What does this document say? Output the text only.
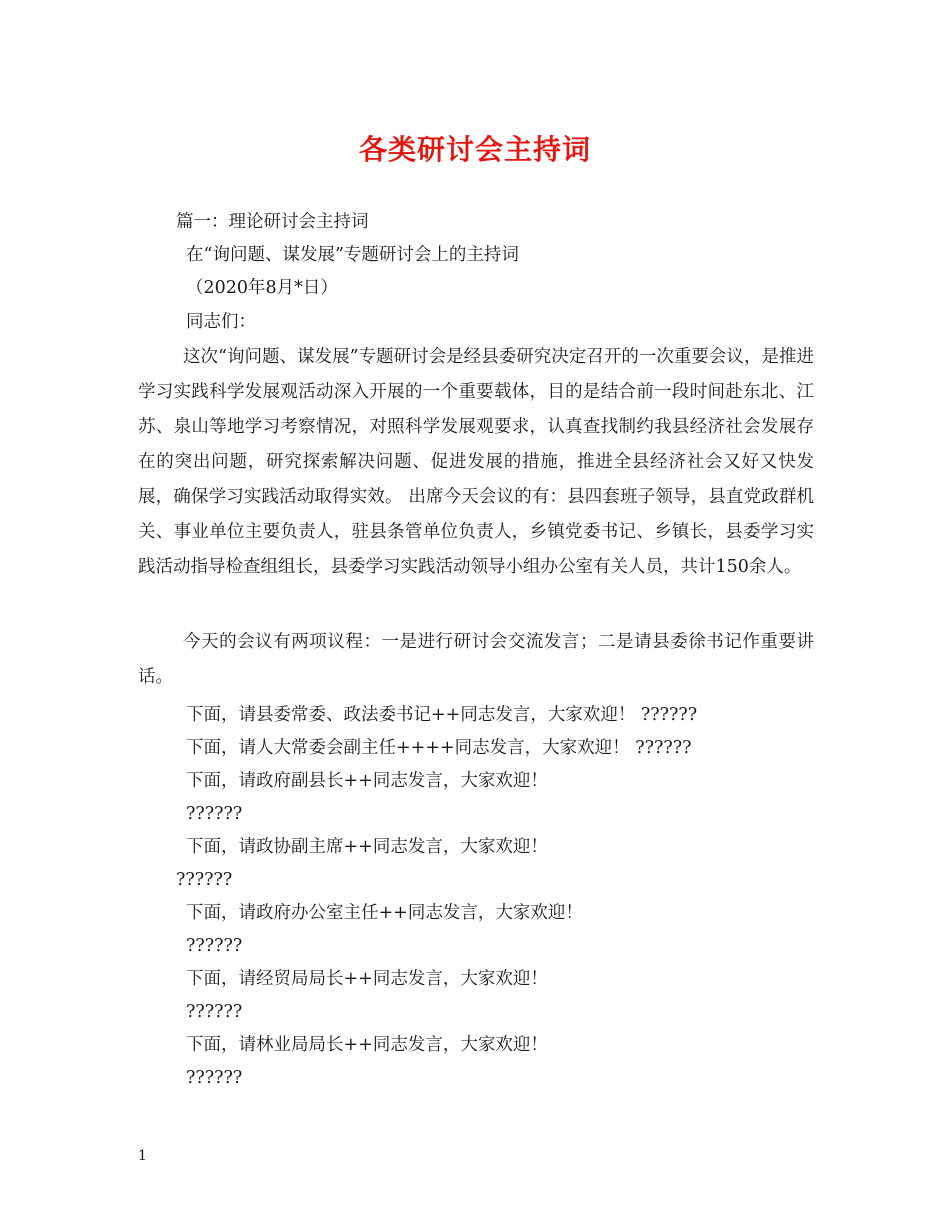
各类研讨会主持词
篇一：理论研讨会主持词
在“询问题、谋发展”专题研讨会上的主持词
（2020年8月*日）
同志们：
这次“询问题、谋发展”专题研讨会是经县委研究决定召开的一次重要会议，是推进学习实践科学发展观活动深入开展的一个重要载体，目的是结合前一段时间赴东北、江苏、泉山等地学习考察情况，对照科学发展观要求，认真查找制约我县经济社会发展存在的突出问题，研究探索解决问题、促进发展的措施，推进全县经济社会又好又快发展，确保学习实践活动取得实效。 出席今天会议的有：县四套班子领导，县直党政群机关、事业单位主要负责人，驻县条管单位负责人，乡镇党委书记、乡镇长，县委学习实践活动指导检查组组长，县委学习实践活动领导小组办公室有关人员，共计150余人。
今天的会议有两项议程：一是进行研讨会交流发言；二是请县委徐书记作重要讲话。
下面，请县委常委、政法委书记++同志发言，大家欢迎！ ??????
下面，请人大常委会副主任++++同志发言，大家欢迎！ ??????
下面，请政府副县长++同志发言，大家欢迎！
??????
下面，请政协副主席++同志发言，大家欢迎！
??????
下面，请政府办公室主任++同志发言，大家欢迎！
??????
下面，请经贸局局长++同志发言，大家欢迎！
??????
下面，请林业局局长++同志发言，大家欢迎！
??????
1
